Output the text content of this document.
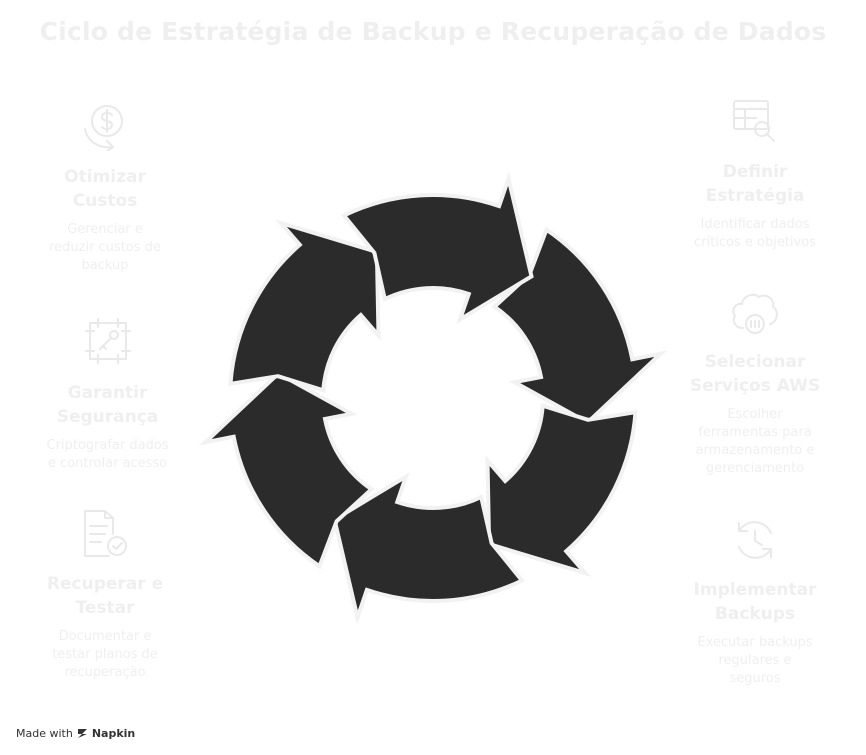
Ciclo de Estratégia de Backup e Recuperação de Dados
Definir
Estratégia
Identificar dados
críticos e objetivos
Selecionar
Serviços AWS
Escolher
ferramentas para
armazenamento e
gerenciamento
Implementar
Backups
Executar backups
regulares e
seguros
Recuperar e
Testar
Documentar e
testar planos de
recuperação
Garantir
Segurança
Criptografar dados
e controlar acesso
Otimizar
Custos
Gerenciar e
reduzir custos de
backup
Made with Napkin
